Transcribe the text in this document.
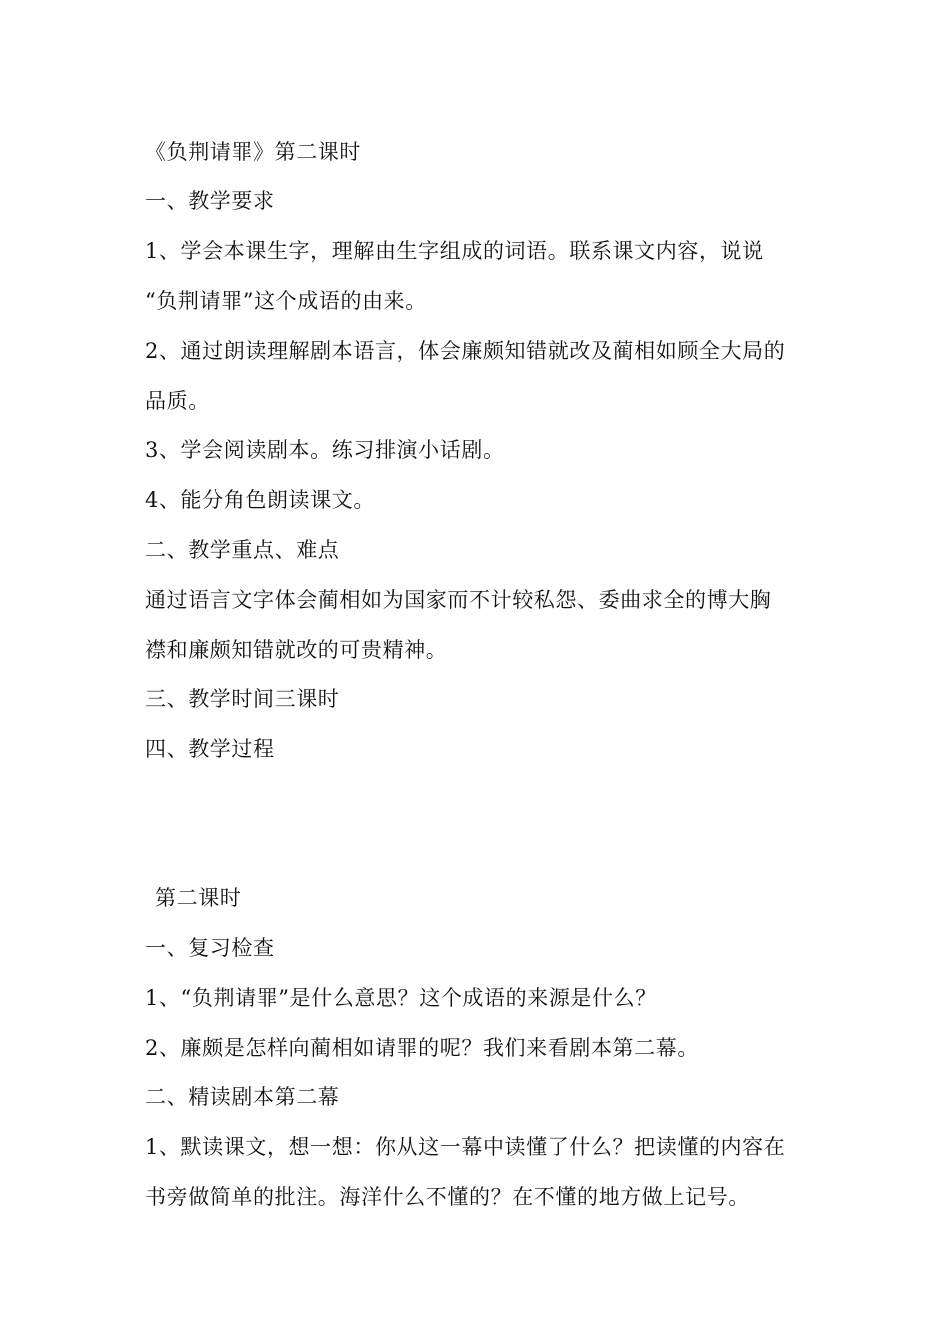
《负荆请罪》第二课时
一、教学要求
1、学会本课生字，理解由生字组成的词语。联系课文内容，说说
“负荆请罪”这个成语的由来。
2、通过朗读理解剧本语言，体会廉颇知错就改及蔺相如顾全大局的
品质。
3、学会阅读剧本。练习排演小话剧。
4、能分角色朗读课文。
二、教学重点、难点
通过语言文字体会蔺相如为国家而不计较私怨、委曲求全的博大胸
襟和廉颇知错就改的可贵精神。
三、教学时间三课时
四、教学过程
第二课时
一、复习检查
1、“负荆请罪”是什么意思？这个成语的来源是什么？
2、廉颇是怎样向蔺相如请罪的呢？我们来看剧本第二幕。
二、精读剧本第二幕
1、默读课文，想一想：你从这一幕中读懂了什么？把读懂的内容在
书旁做简单的批注。海洋什么不懂的？在不懂的地方做上记号。
